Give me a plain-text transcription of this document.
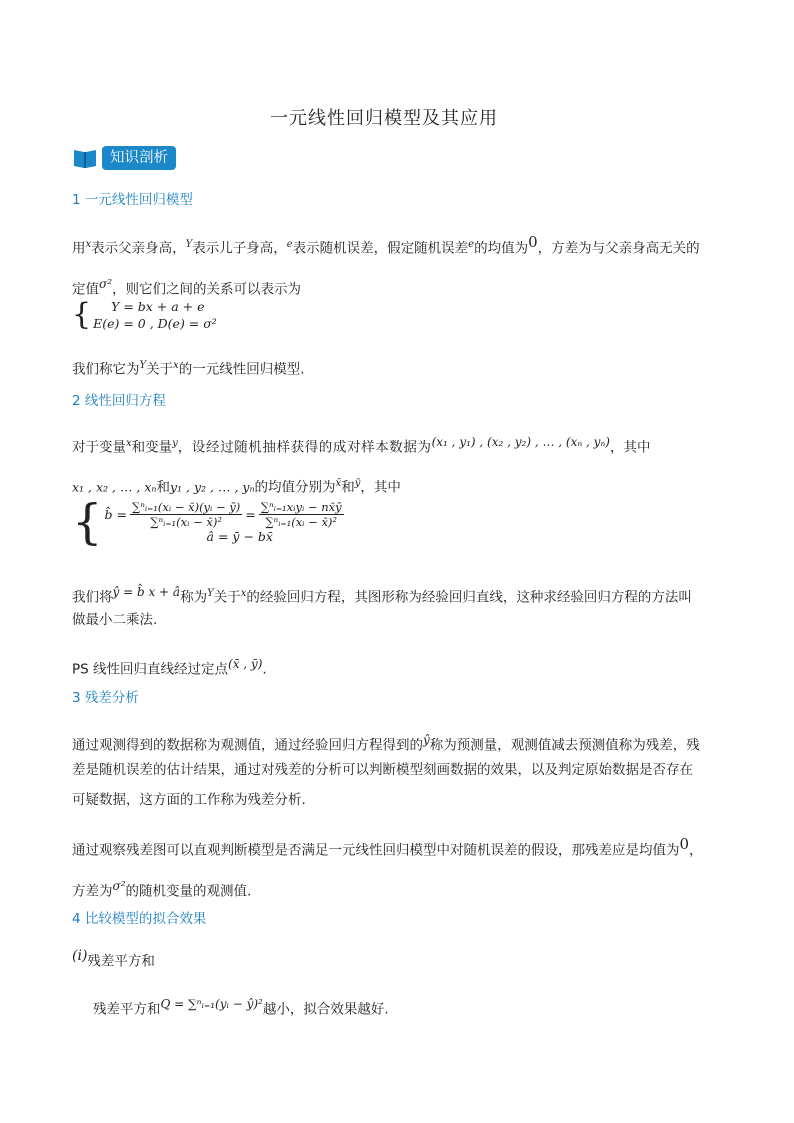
一元线性回归模型及其应用
知识剖析
1 一元线性回归模型
用$^x$表示父亲身高，$^Y$表示儿子身高，$^e$表示随机误差，假定随机误差$^e$的均值为$^0$，方差为与父亲身高无关的
定值$^{\sigma^2}$，则它们之间的关系可以表示为
{	Y = bx + a + e
E(e) = 0 , D(e) = σ²
我们称它为$^Y$关于$^x$的一元线性回归模型.
2 线性回归方程
对于变量$^x$和变量$^y$，设经过随机抽样获得的成对样本数据为$^{(x_1 , y_1) , (x_2 , y_2) , \dots , (x_n , y_n)}$，其中
x₁ , x₂ , … , xₙ和y₁ , y₂ , … , yₙ的均值分别为$^{x̄}$和$^ȳ$，其中
{ b̂ = $\frac{\text{∑ⁿᵢ₌₁(xᵢ − x̄)(yᵢ − ȳ)}}{\text{∑ⁿᵢ₌₁(xᵢ − x̄)²}} = \frac{\text{∑ⁿᵢ₌₁xᵢyᵢ − nx̄ȳ}}{\text{∑ⁿᵢ₌₁(xᵢ − x̄)²}}$
â = ȳ − bx̄
我们将$^{ŷ = b̂ x + â}$称为$^Y$关于$^x$的经验回归方程，其图形称为经验回归直线，这种求经验回归方程的方法叫
做最小二乘法.
PS 线性回归直线经过定点$^{(x̄ , ȳ)}$.
3 残差分析
通过观测得到的数据称为观测值，通过经验回归方程得到的$^ŷ$称为预测量，观测值减去预测值称为残差，残
差是随机误差的估计结果，通过对残差的分析可以判断模型刻画数据的效果，以及判定原始数据是否存在
可疑数据，这方面的工作称为残差分析.
通过观察残差图可以直观判断模型是否满足一元线性回归模型中对随机误差的假设，那残差应是均值为$^0$，
方差为$^{\sigma^2}$的随机变量的观测值.
4 比较模型的拟合效果
$^{(i)}$残差平方和
残差平方和$^{Q = \sum^nᵢ_{=1}(yᵢ - ŷ)^2}$越小，拟合效果越好.
